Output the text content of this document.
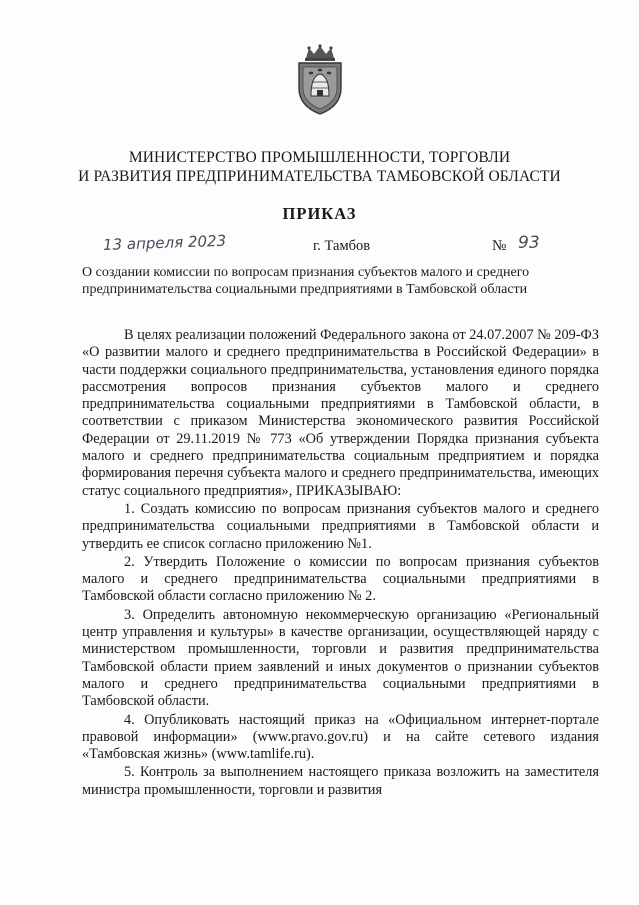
МИНИСТЕРСТВО ПРОМЫШЛЕННОСТИ, ТОРГОВЛИ
И РАЗВИТИЯ ПРЕДПРИНИМАТЕЛЬСТВА ТАМБОВСКОЙ ОБЛАСТИ
ПРИКАЗ
13 апреля 2023	г. Тамбов	№ 93
О создании комиссии по вопросам признания субъектов малого и среднего предпринимательства социальными предприятиями в Тамбовской области

В целях реализации положений Федерального закона от 24.07.2007 № 209-ФЗ «О развитии малого и среднего предпринимательства в Российской Федерации» в части поддержки социального предпринимательства, установления единого порядка рассмотрения вопросов признания субъектов малого и среднего предпринимательства социальными предприятиями в Тамбовской области, в соответствии с приказом Министерства экономического развития Российской Федерации от 29.11.2019 № 773 «Об утверждении Порядка признания субъекта малого и среднего предпринимательства социальным предприятием и порядка формирования перечня субъекта малого и среднего предпринимательства, имеющих статус социального предприятия», ПРИКАЗЫВАЮ:

1. Создать комиссию по вопросам признания субъектов малого и среднего предпринимательства социальными предприятиями в Тамбовской области и утвердить ее список согласно приложению №1.

2. Утвердить Положение о комиссии по вопросам признания субъектов малого и среднего предпринимательства социальными предприятиями в Тамбовской области согласно приложению № 2.

3. Определить автономную некоммерческую организацию «Региональный центр управления и культуры» в качестве организации, осуществляющей наряду с министерством промышленности, торговли и развития предпринимательства Тамбовской области прием заявлений и иных документов о признании субъектов малого и среднего предпринимательства социальными предприятиями в Тамбовской области.

4. Опубликовать настоящий приказ на «Официальном интернет-портале правовой информации» (www.pravo.gov.ru) и на сайте сетевого издания «Тамбовская жизнь» (www.tamlife.ru).

5. Контроль за выполнением настоящего приказа возложить на заместителя министра промышленности, торговли и развития
